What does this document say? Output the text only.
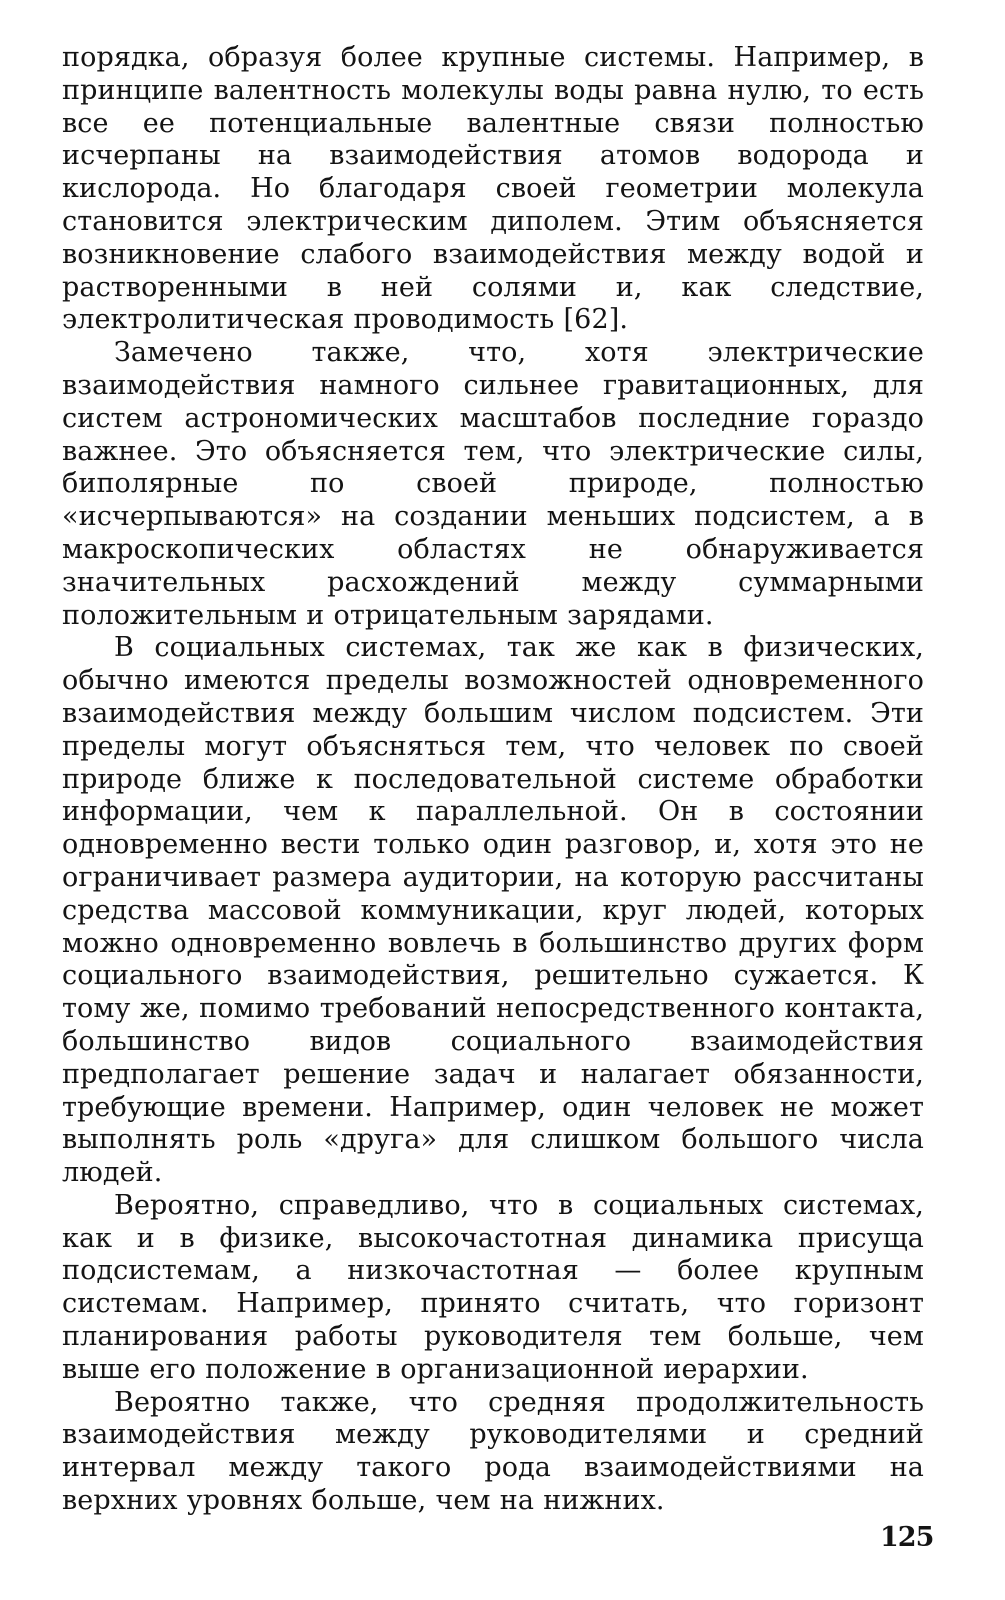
порядка, образуя более крупные системы. Например, в принципе валентность молекулы воды равна нулю, то есть все ее потенциальные валентные связи полностью исчерпаны на взаимодействия атомов водорода и кислорода. Но благодаря своей геометрии молекула становится электрическим диполем. Этим объясняется возникновение слабого взаимодействия между водой и растворенными в ней солями и, как следствие, электролитическая проводимость [62].

Замечено также, что, хотя электрические взаимодействия намного сильнее гравитационных, для систем астрономических масштабов последние гораздо важнее. Это объясняется тем, что электрические силы, биполярные по своей природе, полностью «исчерпываются» на создании меньших подсистем, а в макроскопических областях не обнаруживается значительных расхождений между суммарными положительным и отрицательным зарядами.

В социальных системах, так же как в физических, обычно имеются пределы возможностей одновременного взаимодействия между большим числом подсистем. Эти пределы могут объясняться тем, что человек по своей природе ближе к последовательной системе обработки информации, чем к параллельной. Он в состоянии одновременно вести только один разговор, и, хотя это не ограничивает размера аудитории, на которую рассчитаны средства массовой коммуникации, круг людей, которых можно одновременно вовлечь в большинство других форм социального взаимодействия, решительно сужается. К тому же, помимо требований непосредственного контакта, большинство видов социального взаимодействия предполагает решение задач и налагает обязанности, требующие времени. Например, один человек не может выполнять роль «друга» для слишком большого числа людей.

Вероятно, справедливо, что в социальных системах, как и в физике, высокочастотная динамика присуща подсистемам, а низкочастотная — более крупным системам. Например, принято считать, что горизонт планирования работы руководителя тем больше, чем выше его положение в организационной иерархии.

Вероятно также, что средняя продолжительность взаимодействия между руководителями и средний интервал между такого рода взаимодействиями на верхних уровнях больше, чем на нижних.

125
